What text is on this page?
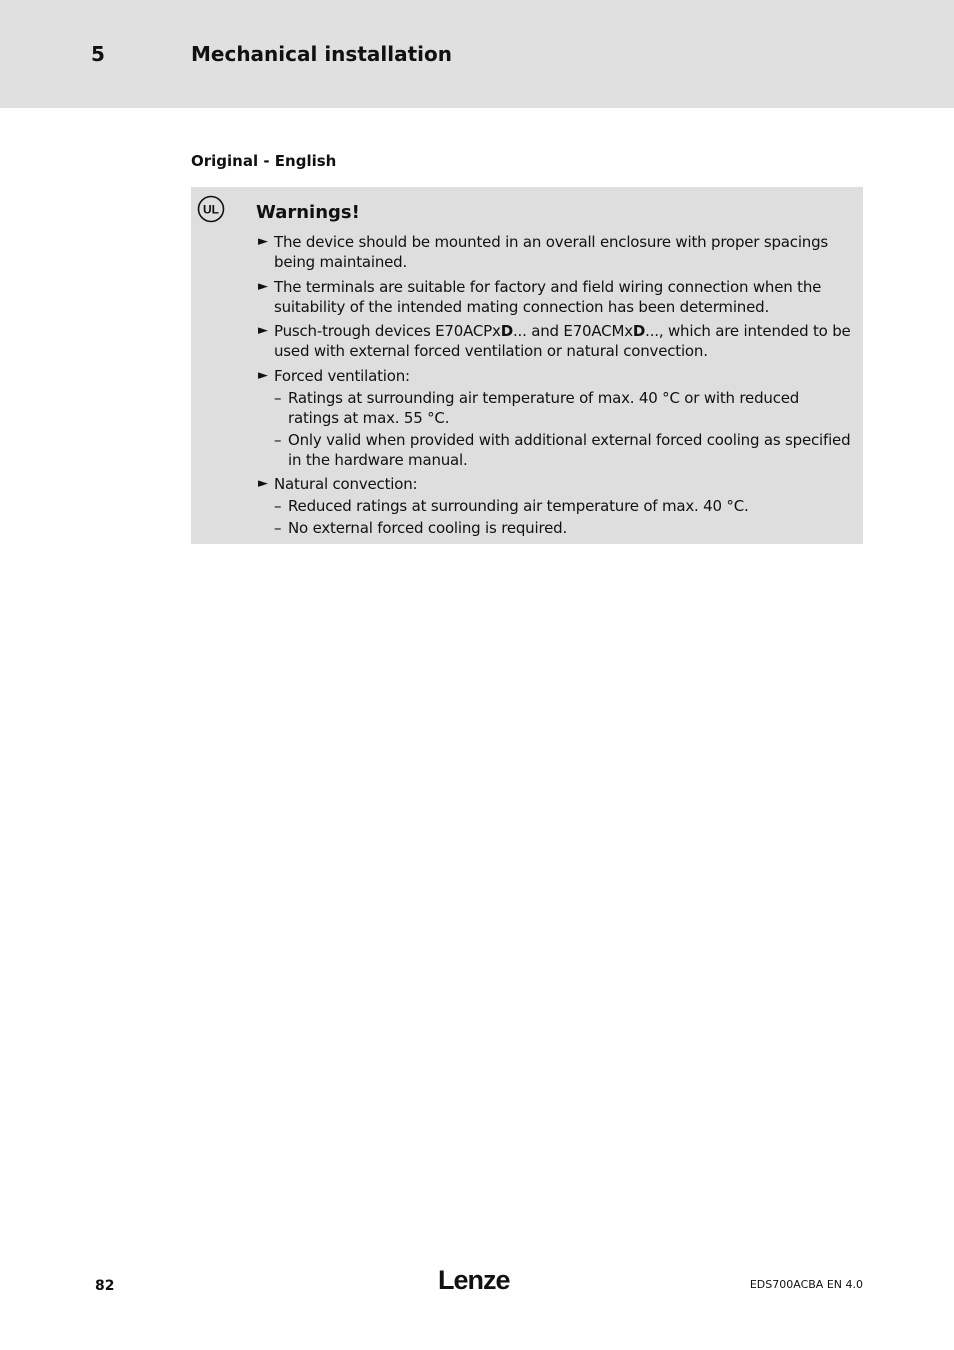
5	Mechanical installation
Original - English
UL Warnings!
► The device should be mounted in an overall enclosure with proper spacings being maintained.
► The terminals are suitable for factory and field wiring connection when the suitability of the intended mating connection has been determined.
► Pusch-trough devices E70ACPxD... and E70ACMxD..., which are intended to be used with external forced ventilation or natural convection.
► Forced ventilation:
– Ratings at surrounding air temperature of max. 40 °C or with reduced ratings at max. 55 °C.
– Only valid when provided with additional external forced cooling as specified in the hardware manual.
► Natural convection:
– Reduced ratings at surrounding air temperature of max. 40 °C.
– No external forced cooling is required.
82	Lenze	EDS700ACBA EN 4.0
